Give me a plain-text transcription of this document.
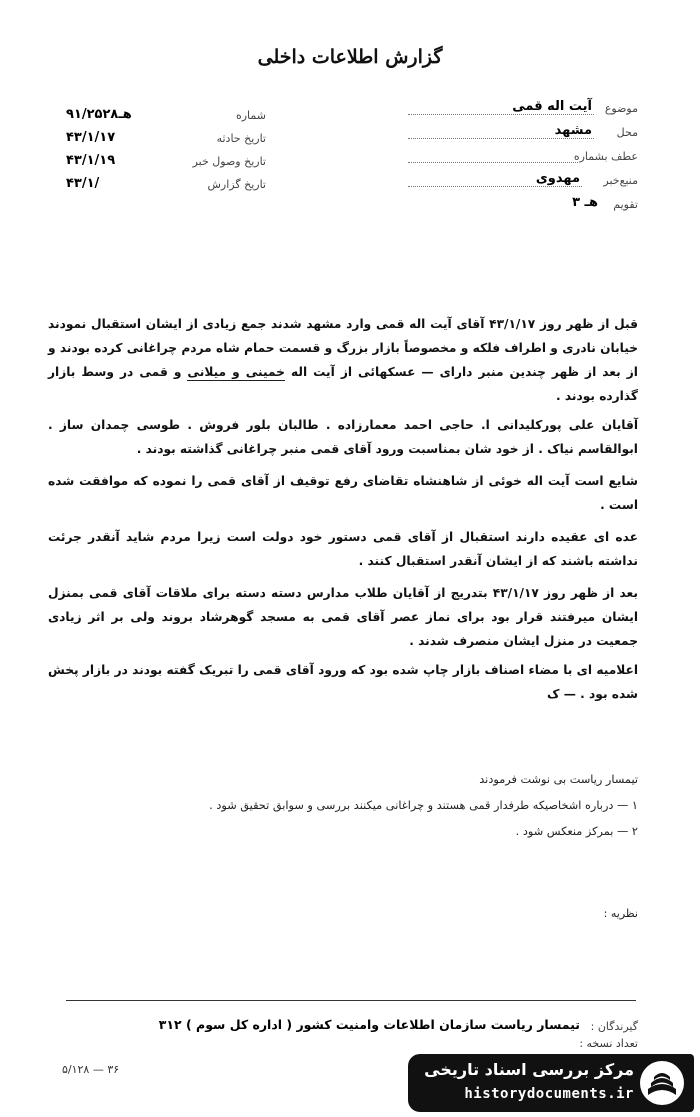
گزارش اطلاعات داخلی
موضوع
آیت اله قمی
محل
مشهد
عطف بشماره
منبع‌خبر
مهدوی
تقویم
هـ ۳
شماره
۹۱/۲۵۲۸هـ
تاریخ حادثه
۴۳/۱/۱۷
تاریخ وصول خبر
۴۳/۱/۱۹
تاریخ گزارش
۴۳/۱/

قبل از ظهر روز ۴۳/۱/۱۷ آقای آیت اله قمی وارد مشهد شدند جمع زیادی از ایشان استقبال نمودند خیابان نادری و اطراف فلکه و مخصوصاً بازار بزرگ و قسمت حمام شاه مردم چراغانی کرده بودند و از بعد از ظهر چندین منبر دارای — عسکهائی از آیت اله خمینی و میلانی و قمی در وسط بازار گذارده بودند .

آقایان علی پورکلیدانی ا. حاجی احمد معمارزاده . طالبان بلور فروش . طوسی چمدان ساز . ابوالقاسم نیاک . از خود شان بمناسبت ورود آقای قمی منبر چراغانی گذاشته بودند .

شایع است آیت اله خوئی از شاهنشاه تقاضای رفع توقیف از آقای قمی را نموده که موافقت شده است .

عده ای عقیده دارند استقبال از آقای قمی دستور خود دولت است زیرا مردم شاید آنقدر جرئت نداشته باشند که از ایشان آنقدر استقبال کنند .

بعد از ظهر روز ۴۳/۱/۱۷ بتدریج از آقایان طلاب مدارس دسته دسته برای ملاقات آقای قمی بمنزل ایشان میرفتند قرار بود برای نماز عصر آقای قمی به مسجد گوهرشاد بروند ولی بر اثر زیادی جمعیت در منزل ایشان منصرف شدند .

اعلامیه ای با مضاء اصناف بازار چاپ شده بود که ورود آقای قمی را تبریک گفته بودند در بازار پخش شده بود . — ک

تیمسار ریاست بی نوشت فرمودند

۱ — درباره اشخاصیکه طرفدار قمی هستند و چراغانی میکنند بررسی و سوابق تحقیق شود .

۲ — بمرکز منعکس شود .

نظریه :
گیرندگان :
تیمسار ریاست سازمان اطلاعات وامنیت کشور ( اداره کل سوم ) ۳۱۲
تعداد نسخه :
۵/۱۲۸ — ۳۶	مرکز بررسی اسناد تاریخی
historydocuments.ir
